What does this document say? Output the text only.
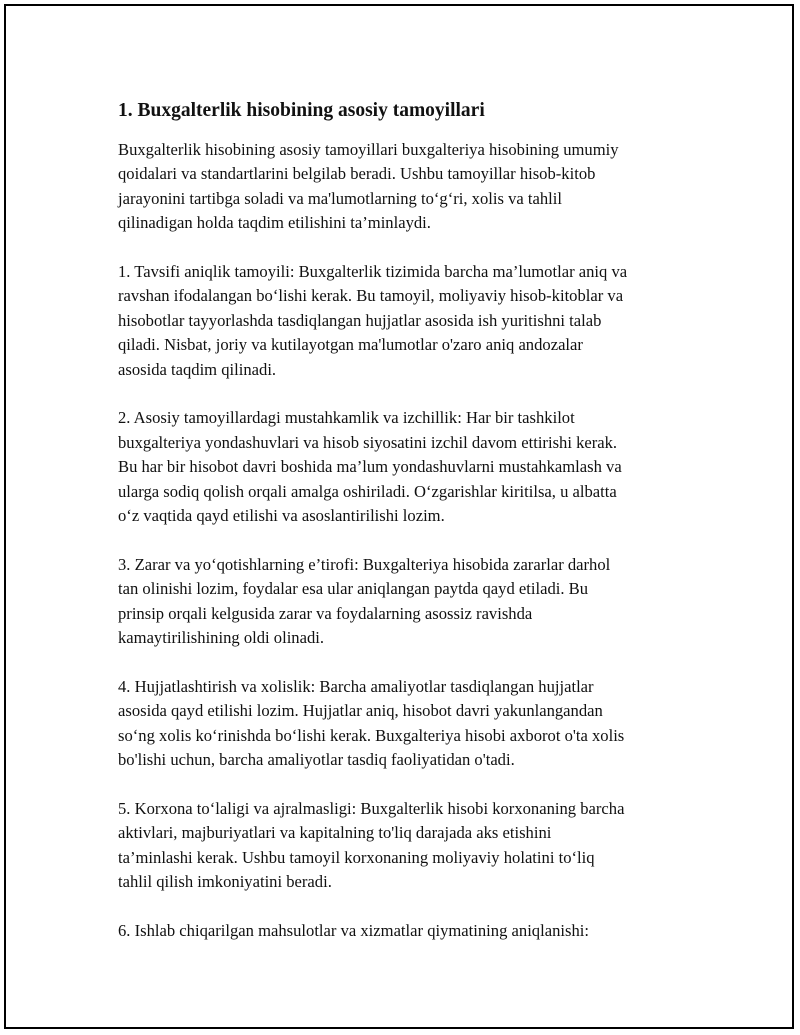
1. Buxgalterlik hisobining asosiy tamoyillari

Buxgalterlik hisobining asosiy tamoyillari buxgalteriya hisobining umumiy
qoidalari va standartlarini belgilab beradi. Ushbu tamoyillar hisob-kitob
jarayonini tartibga soladi va ma'lumotlarning to‘g‘ri, xolis va tahlil
qilinadigan holda taqdim etilishini ta’minlaydi.

1. Tavsifi aniqlik tamoyili: Buxgalterlik tizimida barcha ma’lumotlar aniq va
ravshan ifodalangan bo‘lishi kerak. Bu tamoyil, moliyaviy hisob-kitoblar va
hisobotlar tayyorlashda tasdiqlangan hujjatlar asosida ish yuritishni talab
qiladi. Nisbat, joriy va kutilayotgan ma'lumotlar o'zaro aniq andozalar
asosida taqdim qilinadi.

2. Asosiy tamoyillardagi mustahkamlik va izchillik: Har bir tashkilot
buxgalteriya yondashuvlari va hisob siyosatini izchil davom ettirishi kerak.
Bu har bir hisobot davri boshida ma’lum yondashuvlarni mustahkamlash va
ularga sodiq qolish orqali amalga oshiriladi. O‘zgarishlar kiritilsa, u albatta
o‘z vaqtida qayd etilishi va asoslantirilishi lozim.

3. Zarar va yo‘qotishlarning e’tirofi: Buxgalteriya hisobida zararlar darhol
tan olinishi lozim, foydalar esa ular aniqlangan paytda qayd etiladi. Bu
prinsip orqali kelgusida zarar va foydalarning asossiz ravishda
kamaytirilishining oldi olinadi.

4. Hujjatlashtirish va xolislik: Barcha amaliyotlar tasdiqlangan hujjatlar
asosida qayd etilishi lozim. Hujjatlar aniq, hisobot davri yakunlangandan
so‘ng xolis ko‘rinishda bo‘lishi kerak. Buxgalteriya hisobi axborot o'ta xolis
bo'lishi uchun, barcha amaliyotlar tasdiq faoliyatidan o'tadi.

5. Korxona to‘laligi va ajralmasligi: Buxgalterlik hisobi korxonaning barcha
aktivlari, majburiyatlari va kapitalning to'liq darajada aks etishini
ta’minlashi kerak. Ushbu tamoyil korxonaning moliyaviy holatini to‘liq
tahlil qilish imkoniyatini beradi.

6. Ishlab chiqarilgan mahsulotlar va xizmatlar qiymatining aniqlanishi:
